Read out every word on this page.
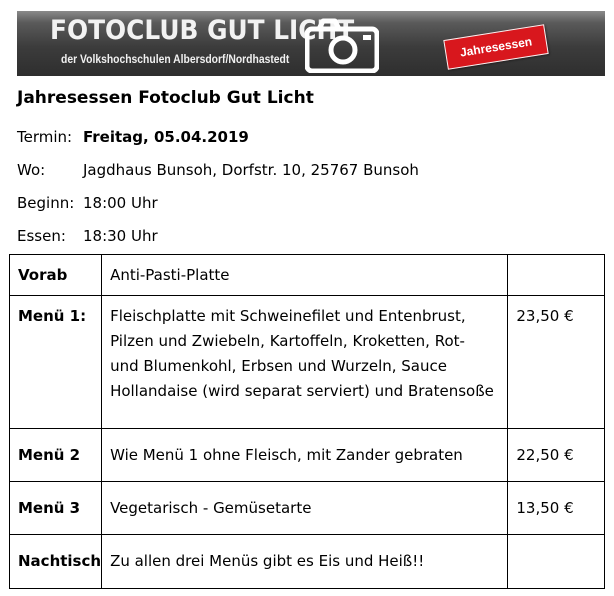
FOTOCLUB GUT LICHT
der Volkshochschulen Albersdorf/Nordhastedt
Jahresessen
Jahresessen Fotoclub Gut Licht
Termin: Freitag, 05.04.2019
Wo:	Jagdhaus Bunsoh, Dorfstr. 10, 25767 Bunsoh
Beginn: 18:00 Uhr
Essen: 18:30 Uhr
Vorab	Anti-Pasti-Platte	

Menü 1:	Fleischplatte mit Schweinefilet und Entenbrust,
Pilzen und Zwiebeln, Kartoffeln, Kroketten, Rot-
und Blumenkohl, Erbsen und Wurzeln, Sauce
Hollandaise (wird separat serviert) und Bratensoße	23,50 €

Menü 2	Wie Menü 1 ohne Fleisch, mit Zander gebraten	22,50 €

Menü 3	Vegetarisch - Gemüsetarte	13,50 €

Nachtisch	Zu allen drei Menüs gibt es Eis und Heiß!!	
